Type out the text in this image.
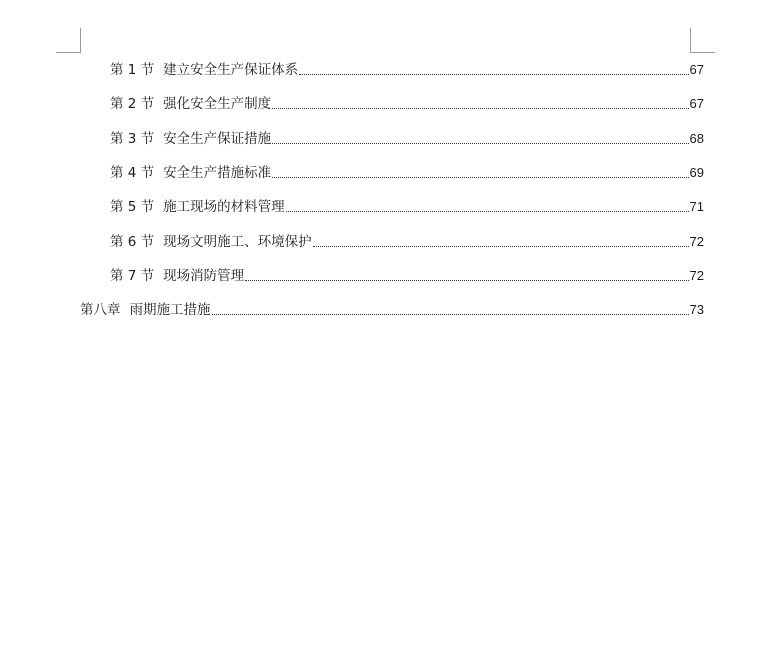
第 1 节 建立安全生产保证体系	67
第 2 节 强化安全生产制度	67
第 3 节 安全生产保证措施	68
第 4 节 安全生产措施标准	69
第 5 节 施工现场的材料管理	71
第 6 节 现场文明施工、环境保护	72
第 7 节 现场消防管理	72
第八章 雨期施工措施	73
